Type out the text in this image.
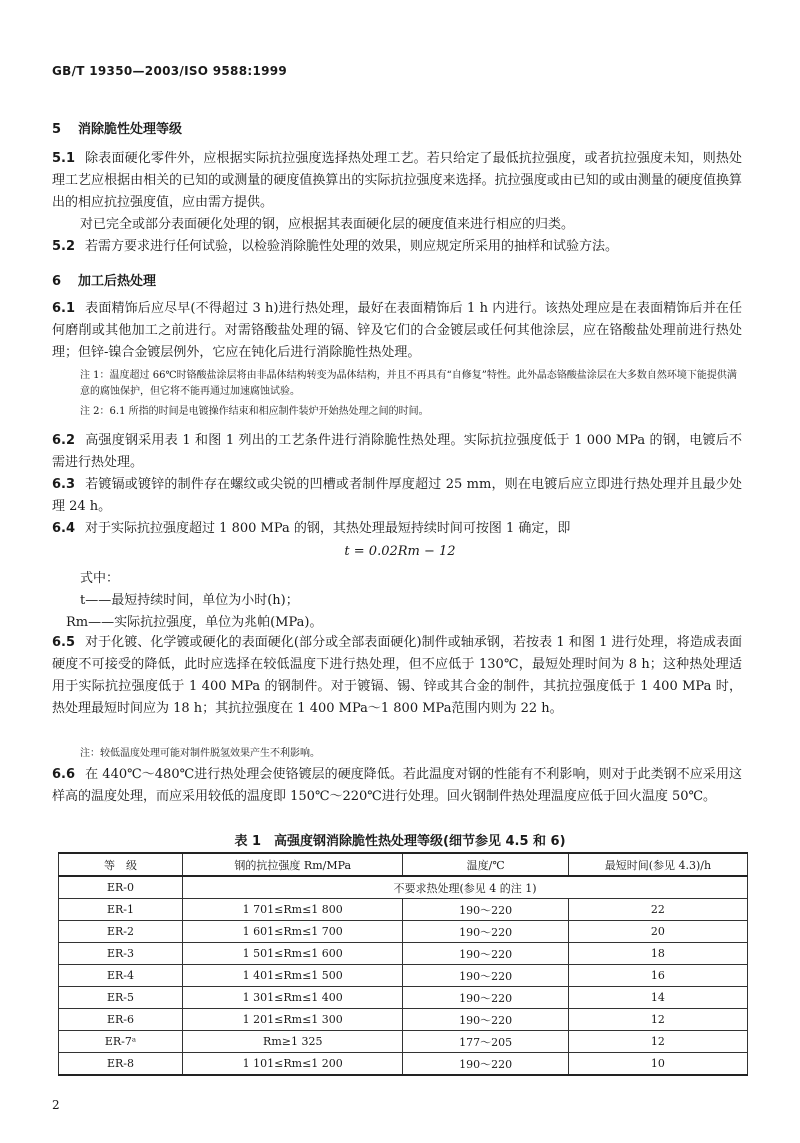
GB/T 19350—2003/ISO 9588:1999
5 消除脆性处理等级
5.1 除表面硬化零件外，应根据实际抗拉强度选择热处理工艺。若只给定了最低抗拉强度，或者抗拉强度未知，则热处理工艺应根据由相关的已知的或测量的硬度值换算出的实际抗拉强度来选择。抗拉强度或由已知的或由测量的硬度值换算出的相应抗拉强度值，应由需方提供。
对已完全或部分表面硬化处理的钢，应根据其表面硬化层的硬度值来进行相应的归类。
5.2 若需方要求进行任何试验，以检验消除脆性处理的效果，则应规定所采用的抽样和试验方法。
6 加工后热处理
6.1 表面精饰后应尽早(不得超过 3 h)进行热处理，最好在表面精饰后 1 h 内进行。该热处理应是在表面精饰后并在任何磨削或其他加工之前进行。对需铬酸盐处理的镉、锌及它们的合金镀层或任何其他涂层，应在铬酸盐处理前进行热处理；但锌-镍合金镀层例外，它应在钝化后进行消除脆性热处理。
注 1：温度超过 66℃时铬酸盐涂层将由非晶体结构转变为晶体结构，并且不再具有“自修复”特性。此外晶态铬酸盐涂层在大多数自然环境下能提供满意的腐蚀保护，但它将不能再通过加速腐蚀试验。
注 2：6.1 所指的时间是电镀操作结束和相应制件装炉开始热处理之间的时间。
6.2 高强度钢采用表 1 和图 1 列出的工艺条件进行消除脆性热处理。实际抗拉强度低于 1 000 MPa 的钢，电镀后不需进行热处理。
6.3 若镀镉或镀锌的制件存在螺纹或尖锐的凹槽或者制件厚度超过 25 mm，则在电镀后应立即进行热处理并且最少处理 24 h。
6.4 对于实际抗拉强度超过 1 800 MPa 的钢，其热处理最短持续时间可按图 1 确定，即
t = 0.02Rm − 12
式中：
t——最短持续时间，单位为小时(h)；
Rm——实际抗拉强度，单位为兆帕(MPa)。
6.5 对于化镀、化学镀或硬化的表面硬化(部分或全部表面硬化)制件或轴承钢，若按表 1 和图 1 进行处理，将造成表面硬度不可接受的降低，此时应选择在较低温度下进行热处理，但不应低于 130℃，最短处理时间为 8 h；这种热处理适用于实际抗拉强度低于 1 400 MPa 的钢制件。对于镀镉、锡、锌或其合金的制件，其抗拉强度低于 1 400 MPa 时，热处理最短时间应为 18 h；其抗拉强度在 1 400 MPa～1 800 MPa范围内则为 22 h。
注：较低温度处理可能对制件脱氢效果产生不利影响。
6.6 在 440℃～480℃进行热处理会使铬镀层的硬度降低。若此温度对钢的性能有不利影响，则对于此类钢不应采用这样高的温度处理，而应采用较低的温度即 150℃～220℃进行处理。回火钢制件热处理温度应低于回火温度 50℃。
表 1　高强度钢消除脆性热处理等级(细节参见 4.5 和 6)
等　级	钢的抗拉强度 Rm/MPa	温度/℃	最短时间(参见 4.3)/h
ER-0	不要求热处理(参见 4 的注 1)		
ER-1	1 701≤Rm≤1 800	190～220	22
ER-2	1 601≤Rm≤1 700	190～220	20
ER-3	1 501≤Rm≤1 600	190～220	18
ER-4	1 401≤Rm≤1 500	190～220	16
ER-5	1 301≤Rm≤1 400	190～220	14
ER-6	1 201≤Rm≤1 300	190～220	12
ER-7ᵃ	Rm≥1 325	177～205	12
ER-8	1 101≤Rm≤1 200	190～220	10
2
